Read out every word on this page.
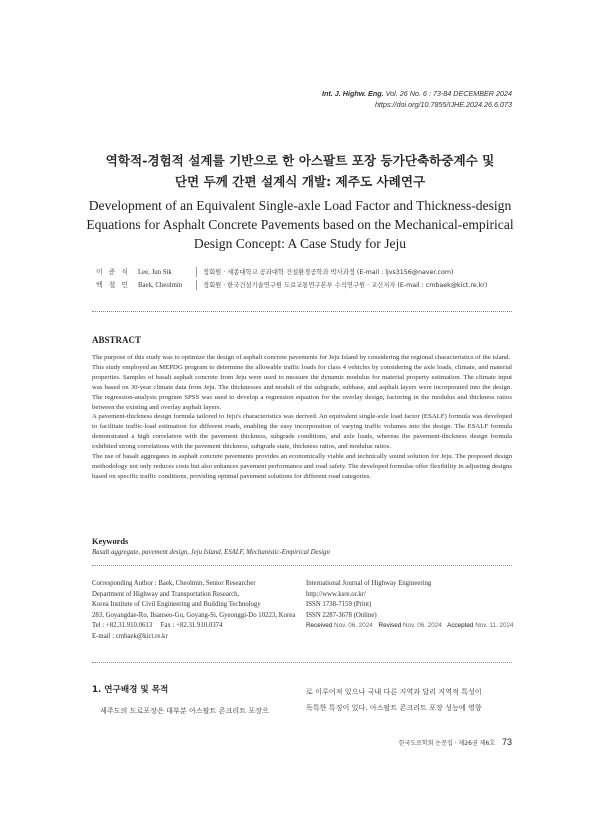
Int. J. Highw. Eng. Vol. 26 No. 6 : 73-84 DECEMBER 2024
https://doi.org/10.7855/IJHE.2024.26.6.073
역학적-경험적 설계를 기반으로 한 아스팔트 포장 등가단축하중계수 및
단면 두께 간편 설계식 개발: 제주도 사례연구
Development of an Equivalent Single-axle Load Factor and Thickness-design
Equations for Asphalt Concrete Pavements based on the Mechanical-empirical
Design Concept: A Case Study for Jeju
이 준 식	Lee, Jun Sik	정회원 · 세종대학교 공과대학 건설환경공학과 박사과정 (E-mail : ljvs3156@naver.com)
백 철 민	Baek, Cheolmin	정회원 · 한국건설기술연구원 도로교통연구본부 수석연구원 · 교신저자 (E-mail : cmbaek@kict.re.kr)
ABSTRACT

The purpose of this study was to optimize the design of asphalt concrete pavements for Jeju Island by considering the regional characteristics of the island.

This study employed an MEPDG program to determine the allowable traffic loads for class 4 vehicles by considering the axle loads, climate, and material properties. Samples of basalt asphalt concrete from Jeju were used to measure the dynamic modulus for material property estimation. The climate input was based on 30-year climate data from Jeju. The thicknesses and moduli of the subgrade, subbase, and asphalt layers were incorporated into the design. The regression-analysis program SPSS was used to develop a regression equation for the overlay design, factoring in the modulus and thickness ratios between the existing and overlay asphalt layers.

A pavement-thickness design formula tailored to Jeju's characteristics was derived. An equivalent single-axle load factor (ESALF) formula was developed to facilitate traffic-load estimation for different roads, enabling the easy incorporation of varying traffic volumes into the design. The ESALF formula demonstrated a high correlation with the pavement thickness, subgrade conditions, and axle loads, whereas the pavement-thickness design formula exhibited strong correlations with the pavement thickness, subgrade state, thickness ratios, and modulus ratios.

The use of basalt aggregates in asphalt concrete pavements provides an economically viable and technically sound solution for Jeju. The proposed design methodology not only reduces costs but also enhances pavement performance and road safety. The developed formulas offer flexibility in adjusting designs based on specific traffic conditions, providing optimal pavement solutions for different road categories.

Keywords
Basalt aggregate, pavement design, Jeju Island, ESALF, Mechanistic-Empirical Design
Corresponding Author : Baek, Cheolmin, Senior Researcher
Department of Highway and Transportation Research,
Korea Institute of Civil Engineering and Building Technology
283, Goyangdae-Ro, Ilsanseo-Gu, Goyang-Si, Gyeonggi-Do 10223, Korea
Tel : +82.31.910.0613     Fax : +82.31.910.0374
E-mail : cmbaek@kict.re.kr
International Journal of Highway Engineering
http://www.ksre.or.kr/
ISSN 1738-7159 (Print)
ISSN 2287-3678 (Online)
Received Nov. 06. 2024 Revised Nov. 06. 2024 Accepted Nov. 11. 2024
1. 연구배경 및 목적
제주도의 도로포장은 대부분 아스팔트 콘크리트 포장으
로 이루어져 있으나 국내 다른 지역과 달리 지역적 특성이
독특한 특징이 있다. 아스팔트 콘크리트 포장 성능에 영향
한국도로학회 논문집 · 제26권 제6호 73
